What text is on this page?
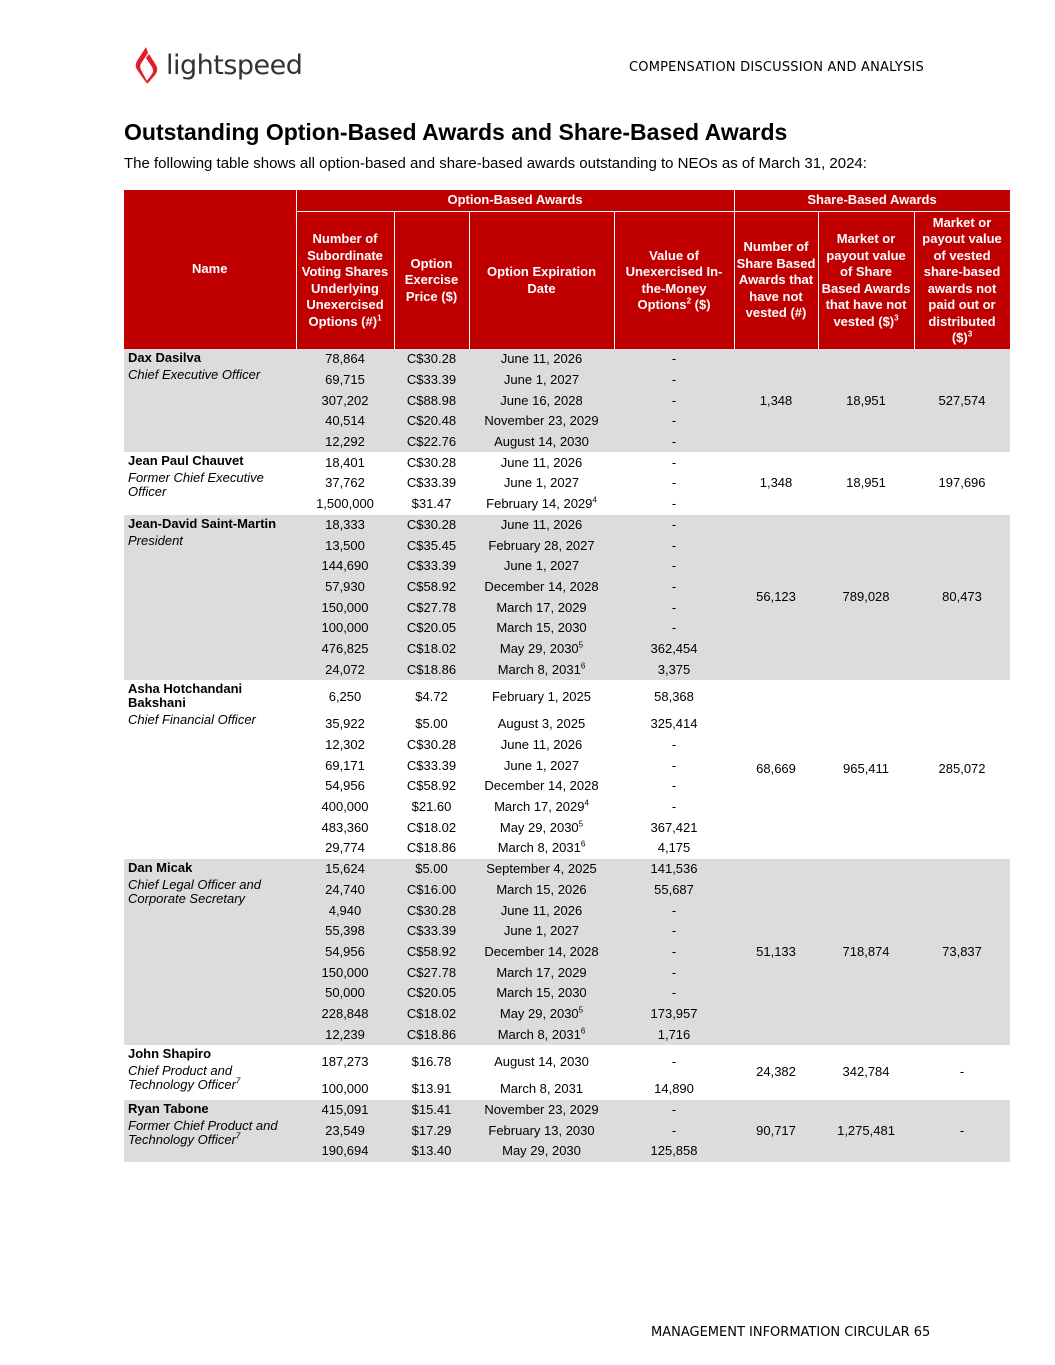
lightspeed	COMPENSATION DISCUSSION AND ANALYSIS
Outstanding Option-Based Awards and Share-Based Awards

The following table shows all option-based and share-based awards outstanding to NEOs as of March 31, 2024:

Name	Option-Based Awards				Share-Based Awards		
	Number of Subordinate Voting Shares Underlying Unexercised Options (#)$^1$	Option Exercise Price ($)	Option Expiration Date	Value of Unexercised In-the-Money Options$^2$ ($)	Number of Share Based Awards that have not vested (#)	Market or payout value of Share Based Awards that have not vested ($)$^3$	Market or payout value of vested share-based awards not paid out or distributed ($)$^3$

Dax Dasilva
Chief Executive Officer	78,864	C$30.28	June 11, 2026	-	1,348	18,951	527,574
	69,715	C$33.39	June 1, 2027	-			
	307,202	C$88.98	June 16, 2028	-			
	40,514	C$20.48	November 23, 2029	-			
	12,292	C$22.76	August 14, 2030	-			

Jean Paul Chauvet
Former Chief Executive Officer	18,401	C$30.28	June 11, 2026	-	1,348	18,951	197,696
	37,762	C$33.39	June 1, 2027	-			
	1,500,000	$31.47	February 14, 2029$^4$	-			

Jean-David Saint-Martin
President	18,333	C$30.28	June 11, 2026	-	56,123	789,028	80,473
	13,500	C$35.45	February 28, 2027	-			
	144,690	C$33.39	June 1, 2027	-			
	57,930	C$58.92	December 14, 2028	-			
	150,000	C$27.78	March 17, 2029	-			
	100,000	C$20.05	March 15, 2030	-			
	476,825	C$18.02	May 29, 2030$^5$	362,454			
	24,072	C$18.86	March 8, 2031$^6$	3,375			

Asha Hotchandani Bakshani
Chief Financial Officer	6,250	$4.72	February 1, 2025	58,368	68,669	965,411	285,072
	35,922	$5.00	August 3, 2025	325,414			
	12,302	C$30.28	June 11, 2026	-			
	69,171	C$33.39	June 1, 2027	-			
	54,956	C$58.92	December 14, 2028	-			
	400,000	$21.60	March 17, 2029$^4$	-			
	483,360	C$18.02	May 29, 2030$^5$	367,421			
	29,774	C$18.86	March 8, 2031$^6$	4,175			

Dan Micak
Chief Legal Officer and Corporate Secretary	15,624	$5.00	September 4, 2025	141,536	51,133	718,874	73,837
	24,740	C$16.00	March 15, 2026	55,687			
	4,940	C$30.28	June 11, 2026	-			
	55,398	C$33.39	June 1, 2027	-			
	54,956	C$58.92	December 14, 2028	-			
	150,000	C$27.78	March 17, 2029	-			
	50,000	C$20.05	March 15, 2030	-			
	228,848	C$18.02	May 29, 2030$^5$	173,957			
	12,239	C$18.86	March 8, 2031$^6$	1,716			

John Shapiro
Chief Product and Technology Officer$^7$	187,273	$16.78	August 14, 2030	-	24,382	342,784	-
	100,000	$13.91	March 8, 2031	14,890			

Ryan Tabone
Former Chief Product and Technology Officer$^7$	415,091	$15.41	November 23, 2029	-	90,717	1,275,481	-
	23,549	$17.29	February 13, 2030	-			
	190,694	$13.40	May 29, 2030	125,858			
MANAGEMENT INFORMATION CIRCULAR 65
